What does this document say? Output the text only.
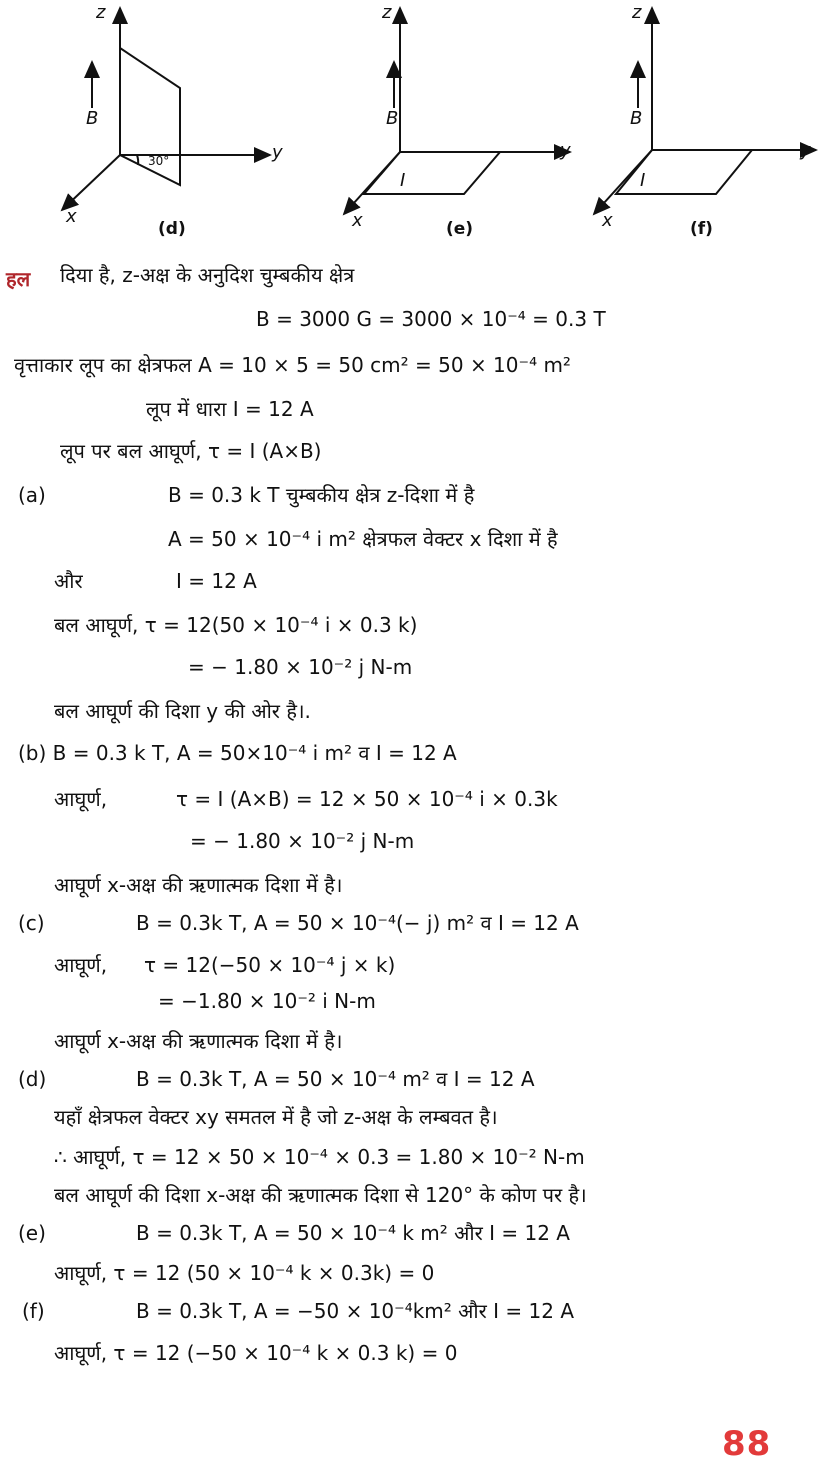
z
y
x
B
30°
(d)
z
y
x
B
I
(e)
z
y
x
B
I
(f)
हल दिया है, z-अक्ष के अनुदिश चुम्बकीय क्षेत्र
B = 3000 G = 3000 × 10⁻⁴ = 0.3 T
वृत्ताकार लूप का क्षेत्रफल A = 10 × 5 = 50 cm² = 50 × 10⁻⁴ m²
लूप में धारा I = 12 A
लूप पर बल आघूर्ण, τ = I (A×B)
(a)	B = 0.3 k T चुम्बकीय क्षेत्र z-दिशा में है
A = 50 × 10⁻⁴ i m² क्षेत्रफल वेक्टर x दिशा में है
और	I = 12 A
बल आघूर्ण, τ = 12(50 × 10⁻⁴ i × 0.3 k)
= − 1.80 × 10⁻² j N-m
बल आघूर्ण की दिशा y की ओर है।.
(b) B = 0.3 k T, A = 50×10⁻⁴ i m² व I = 12 A
आघूर्ण,	τ = I (A×B) = 12 × 50 × 10⁻⁴ i × 0.3k
= − 1.80 × 10⁻² j N-m
आघूर्ण x-अक्ष की ऋणात्मक दिशा में है।
(c)	B = 0.3k T, A = 50 × 10⁻⁴(− j) m² व I = 12 A
आघूर्ण, τ = 12(−50 × 10⁻⁴ j × k)
= −1.80 × 10⁻² i N-m
आघूर्ण x-अक्ष की ऋणात्मक दिशा में है।
(d)	B = 0.3k T, A = 50 × 10⁻⁴ m² व I = 12 A
यहाँ क्षेत्रफल वेक्टर xy समतल में है जो z-अक्ष के लम्बवत है।
∴ आघूर्ण, τ = 12 × 50 × 10⁻⁴ × 0.3 = 1.80 × 10⁻² N-m
बल आघूर्ण की दिशा x-अक्ष की ऋणात्मक दिशा से 120° के कोण पर है।
(e)	B = 0.3k T, A = 50 × 10⁻⁴ k m² और I = 12 A
आघूर्ण, τ = 12 (50 × 10⁻⁴ k × 0.3k) = 0
(f)	B = 0.3k T, A = −50 × 10⁻⁴km² और I = 12 A
आघूर्ण, τ = 12 (−50 × 10⁻⁴ k × 0.3 k) = 0
88
